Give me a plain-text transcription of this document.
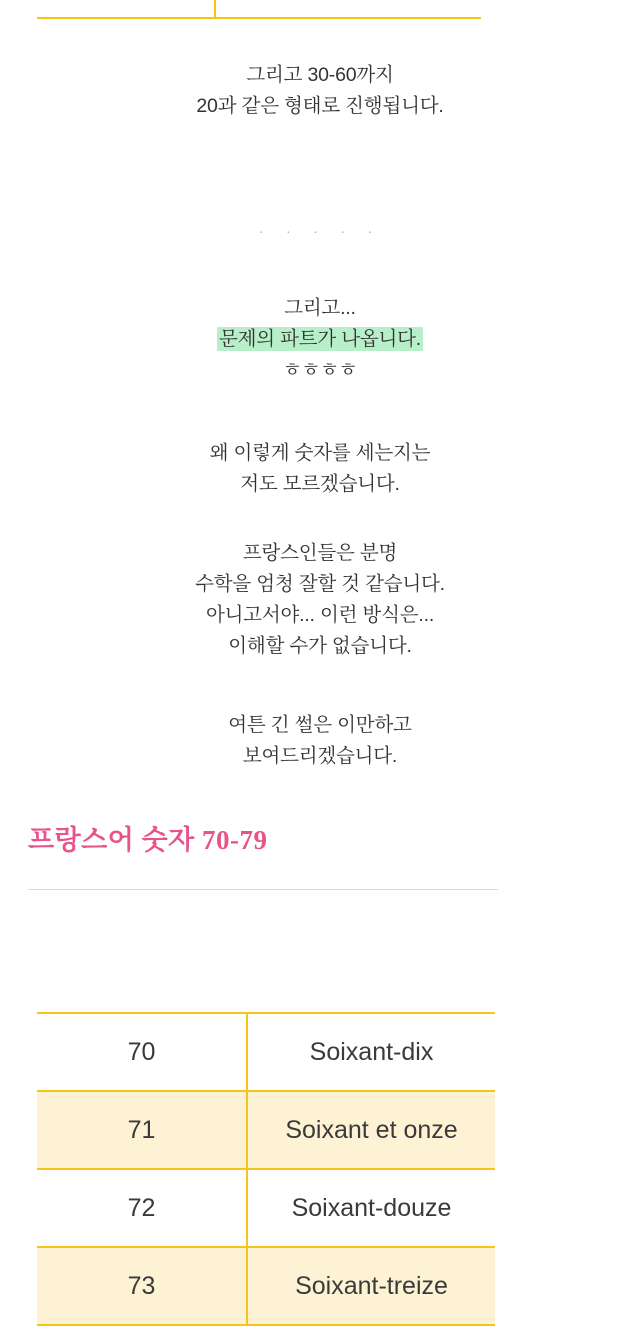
그리고 30-60까지
20과 같은 형태로 진행됩니다.
· · · · ·
그리고...
문제의 파트가 나옵니다.
ㅎㅎㅎㅎ
왜 이렇게 숫자를 세는지는
저도 모르겠습니다.
프랑스인들은 분명
수학을 엄청 잘할 것 같습니다.
아니고서야... 이런 방식은...
이해할 수가 없습니다.
여튼 긴 썰은 이만하고
보여드리겠습니다.
프랑스어 숫자 70-79
70	Soixant-dix
71	Soixant et onze
72	Soixant-douze
73	Soixant-treize
